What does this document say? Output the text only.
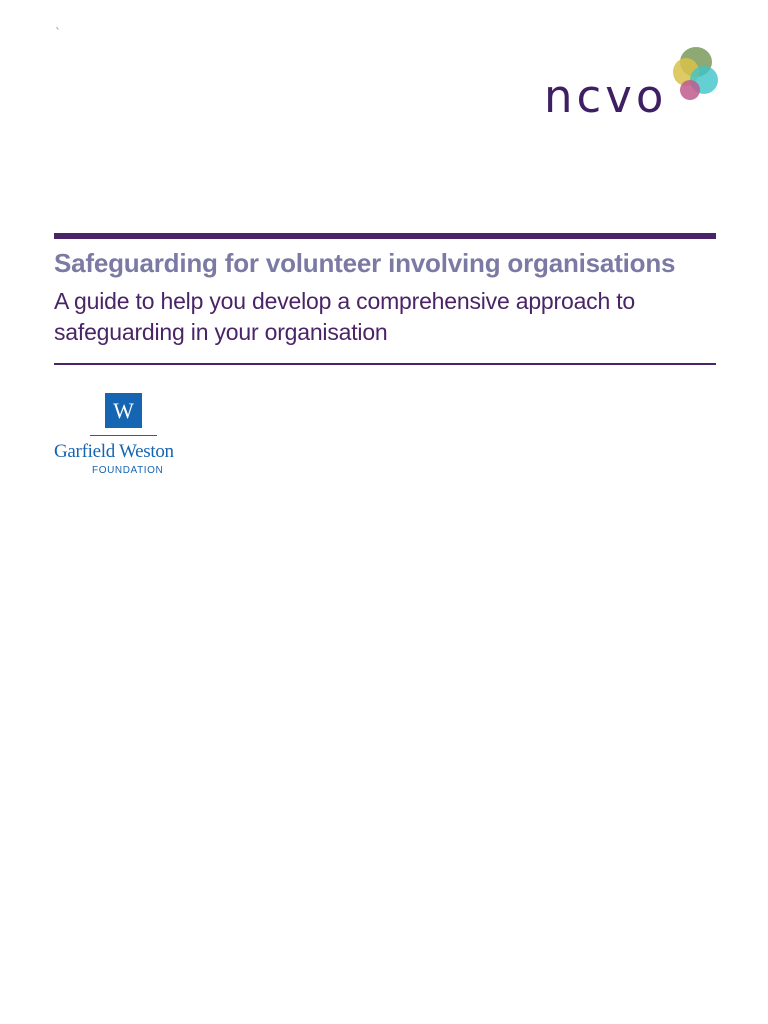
`
ncvo
Safeguarding for volunteer involving organisations
A guide to help you develop a comprehensive approach to safeguarding in your organisation
W
Garfield Weston
FOUNDATION
